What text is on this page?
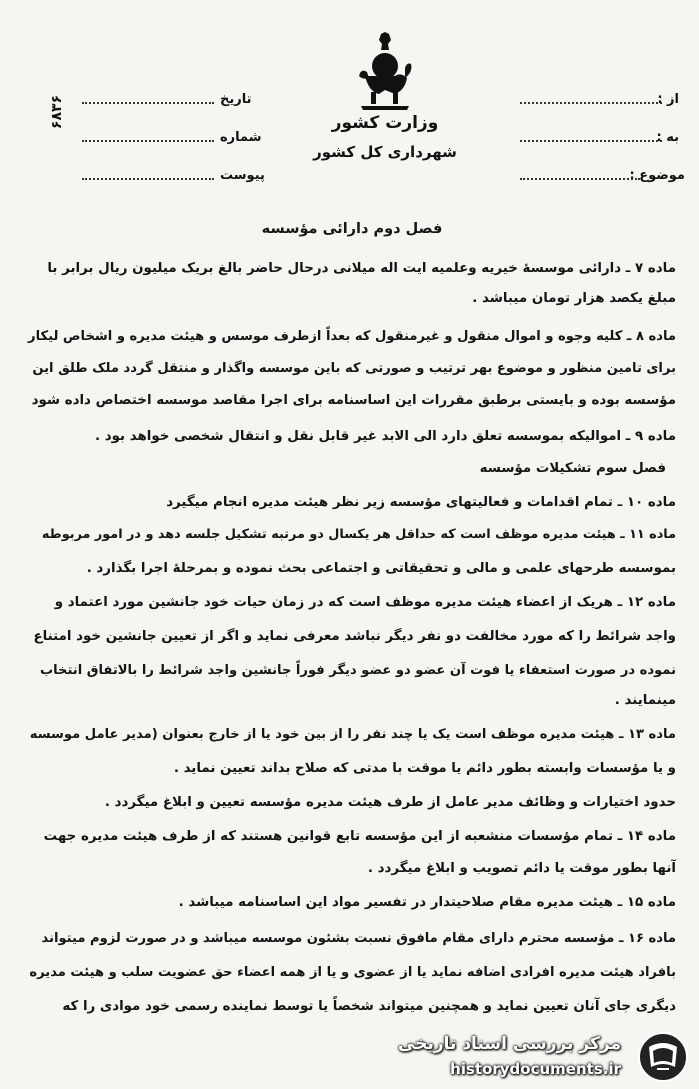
وزارت کشور
شهرداری کل کشور
تاریخ
شماره
پیوست
۶۸۳۶	از :
به :
موضوع :
فصل دوم دارائی مؤسسه
ماده ۷ ـ دارائی موسسهٔ خیریه وعلمیه ایت اله میلانی درحال حاضر بالغ بریک میلیون ریال برابر با
مبلغ یکصد هزار تومان میباشد .
ماده ۸ ـ کلیه وجوه و اموال منقول و غیرمنقول که بعداً ازطرف موسس و هیئت مدیره و اشخاص لیکار
برای تامین منظور و موضوع بهر ترتیب و صورتی که باین موسسه واگذار و منتقل گردد ملک طلق این
مؤسسه بوده و بایستی برطبق مقررات این اساسنامه برای اجرا مقاصد موسسه اختصاص داده شود
ماده ۹ ـ اموالیکه بموسسه تعلق دارد الی الابد غیر قابل نقل و انتقال شخصی خواهد بود .
فصل سوم تشکیلات مؤسسه
ماده ۱۰ ـ تمام اقدامات و فعالیتهای مؤسسه زیر نظر هیئت مدیره انجام میگیرد
ماده ۱۱ ـ هیئت مدیره موظف است که حداقل هر یکسال دو مرتبه تشکیل جلسه دهد و در امور مربوطه
بموسسه طرحهای علمی و مالی و تحقیقاتی و اجتماعی بحث نموده و بمرحلهٔ اجرا بگذارد .
ماده ۱۲ ـ هریک از اعضاء هیئت مدیره موظف است که در زمان حیات خود جانشین مورد اعتماد و
واجد شرائط را که مورد مخالفت دو نفر دیگر نباشد معرفی نماید و اگر از تعیین جانشین خود امتناع
نموده در صورت استعفاء یا فوت آن عضو دو عضو دیگر فوراً جانشین واجد شرائط را بالاتفاق انتخاب
مینمایند .
ماده ۱۳ ـ هیئت مدیره موظف است یک یا چند نفر را از بین خود یا از خارج بعنوان (مدیر عامل موسسه
و یا مؤسسات وابسته بطور دائم یا موقت با مدتی که صلاح بداند تعیین نماید .
حدود اختیارات و وظائف مدیر عامل از طرف هیئت مدیره مؤسسه تعیین و ابلاغ میگردد .
ماده ۱۴ ـ تمام مؤسسات منشعبه از این مؤسسه تابع قوانین هستند که از طرف هیئت مدیره جهت
آنها بطور موقت یا دائم تصویب و ابلاغ میگردد .
ماده ۱۵ ـ هیئت مدیره مقام صلاحیتدار در تفسیر مواد این اساسنامه میباشد .
ماده ۱۶ ـ مؤسسه محترم دارای مقام مافوق نسبت بشئون موسسه میباشد و در صورت لزوم میتواند
بافراد هیئت مدیره افرادی اضافه نماید یا از عضوی و یا از همه اعضاء حق عضویت سلب و هیئت مدیره
دیگری جای آنان تعیین نماید و همچنین میتواند شخصاً یا توسط نماینده رسمی خود موادی را که
مرکز بررسی اسناد تاریخی
historydocuments.ir
